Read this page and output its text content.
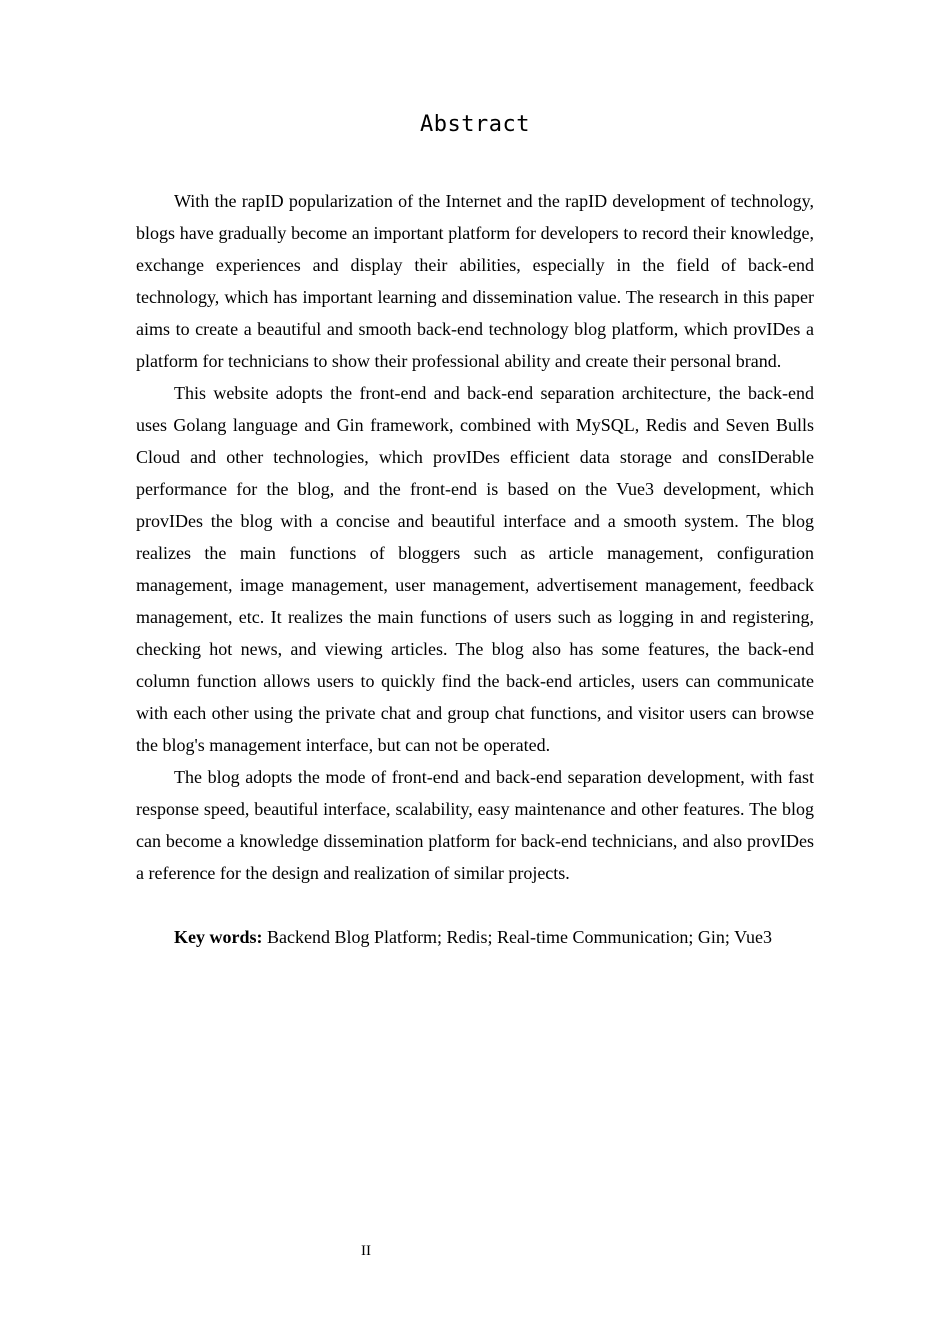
Abstract

With the rapID popularization of the Internet and the rapID development of technology, blogs have gradually become an important platform for developers to record their knowledge, exchange experiences and display their abilities, especially in the field of back-end technology, which has important learning and dissemination value. The research in this paper aims to create a beautiful and smooth back-end technology blog platform, which provIDes a platform for technicians to show their professional ability and create their personal brand.

This website adopts the front-end and back-end separation architecture, the back-end uses Golang language and Gin framework, combined with MySQL, Redis and Seven Bulls Cloud and other technologies, which provIDes efficient data storage and consIDerable performance for the blog, and the front-end is based on the Vue3 development, which provIDes the blog with a concise and beautiful interface and a smooth system. The blog realizes the main functions of bloggers such as article management, configuration management, image management, user management, advertisement management, feedback management, etc. It realizes the main functions of users such as logging in and registering, checking hot news, and viewing articles. The blog also has some features, the back-end column function allows users to quickly find the back-end articles, users can communicate with each other using the private chat and group chat functions, and visitor users can browse the blog's management interface, but can not be operated.

The blog adopts the mode of front-end and back-end separation development, with fast response speed, beautiful interface, scalability, easy maintenance and other features. The blog can become a knowledge dissemination platform for back-end technicians, and also provIDes a reference for the design and realization of similar projects.

Key words: Backend Blog Platform; Redis; Real-time Communication; Gin; Vue3

II
